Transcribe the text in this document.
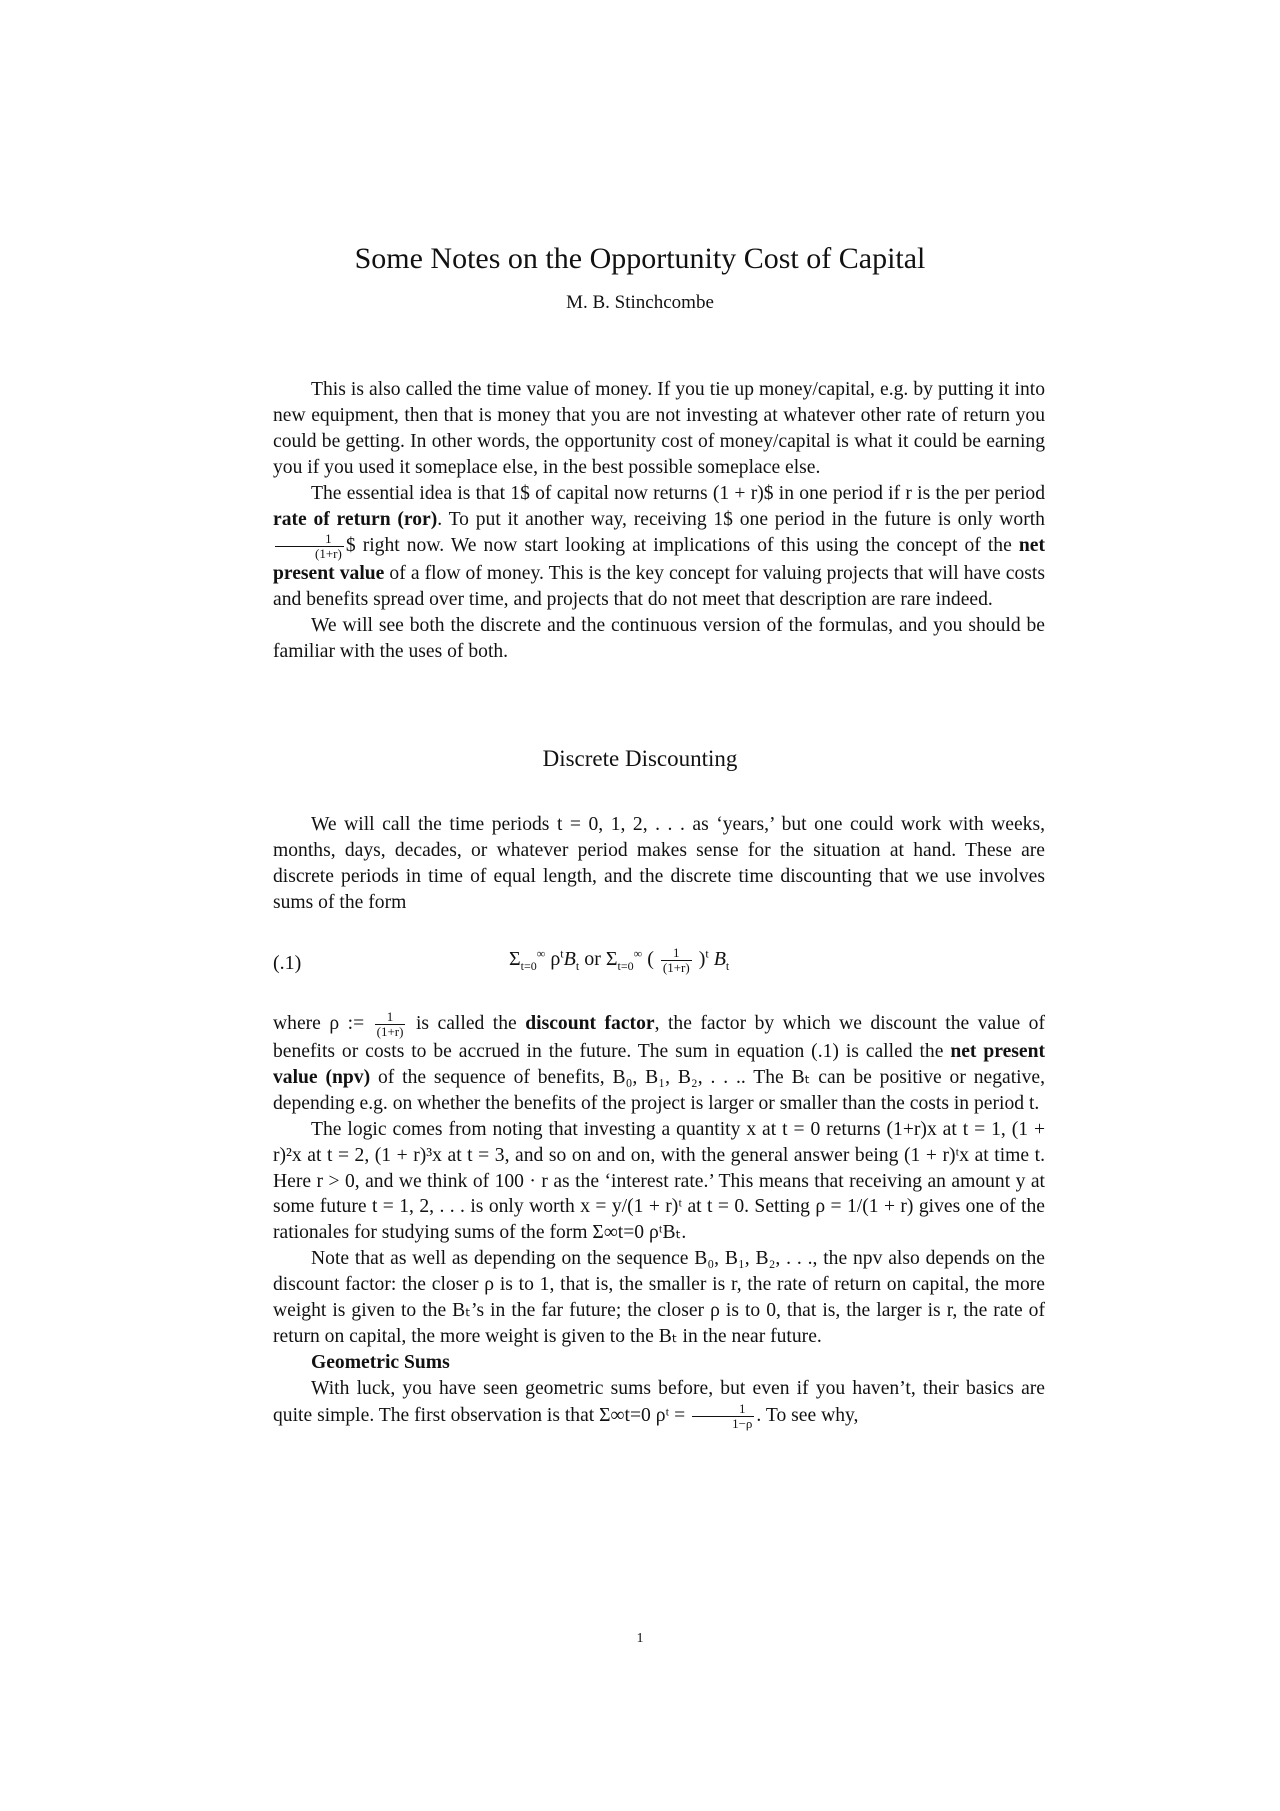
Some Notes on the Opportunity Cost of Capital
M. B. Stinchcombe

This is also called the time value of money. If you tie up money/capital, e.g. by putting it into new equipment, then that is money that you are not investing at whatever other rate of return you could be getting. In other words, the opportunity cost of money/capital is what it could be earning you if you used it someplace else, in the best possible someplace else.

The essential idea is that 1$ of capital now returns (1 + r)$ in one period if r is the per period rate of return (ror). To put it another way, receiving 1$ one period in the future is only worth
$\frac{1}{(1+r)}$ $ right now. We now start looking at implications of this using the concept of the net present value of a flow of money. This is the key concept for valuing projects that will have costs and benefits spread over time, and projects that do not meet that description are rare indeed.

We will see both the discrete and the continuous version of the formulas, and you should be familiar with the uses of both.

Discrete Discounting

We will call the time periods t = 0, 1, 2, . . . as ‘years,’ but one could work with weeks, months, days, decades, or whatever period makes sense for the situation at hand. These are discrete periods in time of equal length, and the discrete time discounting that we use involves sums of the form

(.1)	$\Sigma_{t=0}^\infty$ $\rho^tB_t$ or $\Sigma_{t=0}^\infty$ ( $\frac{1}{(1+r)} )^t$ $B_t$

where ρ := $\frac{1}{(1+r)}$ is called the discount factor, the factor by which we discount the value of benefits or costs to be accrued in the future. The sum in equation (.1) is called the net present value (npv) of the sequence of benefits, B₀, B₁, B₂, . . .. The Bₜ can be positive or negative, depending e.g. on whether the benefits of the project is larger or smaller than the costs in period t.

The logic comes from noting that investing a quantity x at t = 0 returns (1+r)x at t = 1, (1 + r)²x at t = 2, (1 + r)³x at t = 3, and so on and on, with the general answer being (1 + r)ᵗx at time t. Here r > 0, and we think of 100 · r as the ‘interest rate.’ This means that receiving an amount y at some future t = 1, 2, . . . is only worth x = y/(1 + r)ᵗ at t = 0. Setting ρ = 1/(1 + r) gives one of the rationales for studying sums of the form Σ∞t=0 ρᵗBₜ.

Note that as well as depending on the sequence B₀, B₁, B₂, . . ., the npv also depends on the discount factor: the closer ρ is to 1, that is, the smaller is r, the rate of return on capital, the more weight is given to the Bₜ’s in the far future; the closer ρ is to 0, that is, the larger is r, the rate of return on capital, the more weight is given to the Bₜ in the near future.

Geometric Sums

With luck, you have seen geometric sums before, but even if you haven’t, their basics are quite simple. The first observation is that Σ∞t=0 ρᵗ = $\frac{1}{1-\rho}$ . To see why,

1
